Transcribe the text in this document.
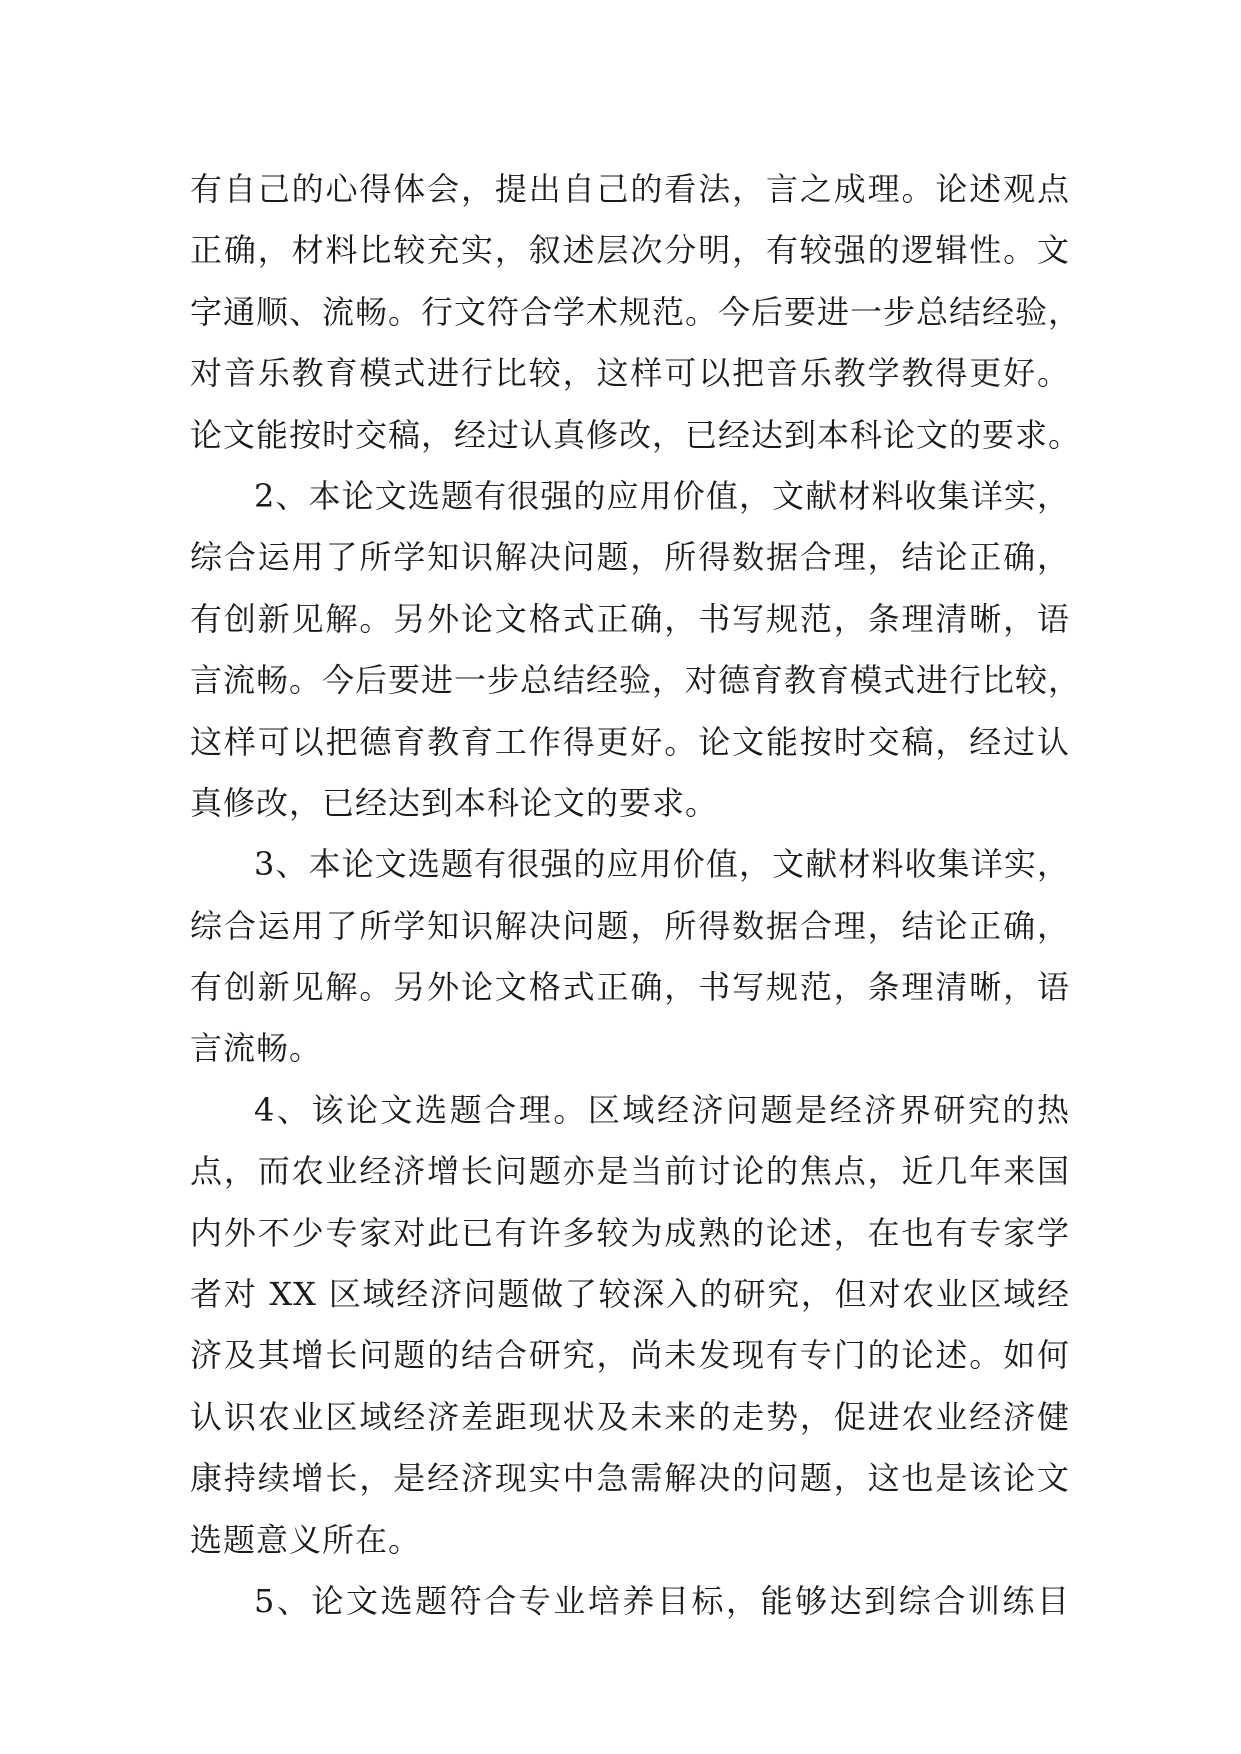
有自己的心得体会，提出自己的看法，言之成理。论述观点
正确，材料比较充实，叙述层次分明，有较强的逻辑性。文
字通顺、流畅。行文符合学术规范。今后要进一步总结经验，
对音乐教育模式进行比较，这样可以把音乐教学教得更好。
论文能按时交稿，经过认真修改，已经达到本科论文的要求。
2、本论文选题有很强的应用价值，文献材料收集详实，
综合运用了所学知识解决问题，所得数据合理，结论正确，
有创新见解。另外论文格式正确，书写规范，条理清晰，语
言流畅。今后要进一步总结经验，对德育教育模式进行比较，
这样可以把德育教育工作得更好。论文能按时交稿，经过认
真修改，已经达到本科论文的要求。
3、本论文选题有很强的应用价值，文献材料收集详实，
综合运用了所学知识解决问题，所得数据合理，结论正确，
有创新见解。另外论文格式正确，书写规范，条理清晰，语
言流畅。
4、该论文选题合理。区域经济问题是经济界研究的热
点，而农业经济增长问题亦是当前讨论的焦点，近几年来国
内外不少专家对此已有许多较为成熟的论述，在也有专家学
者对 XX 区域经济问题做了较深入的研究，但对农业区域经
济及其增长问题的结合研究，尚未发现有专门的论述。如何
认识农业区域经济差距现状及未来的走势，促进农业经济健
康持续增长，是经济现实中急需解决的问题，这也是该论文
选题意义所在。
5、论文选题符合专业培养目标，能够达到综合训练目
